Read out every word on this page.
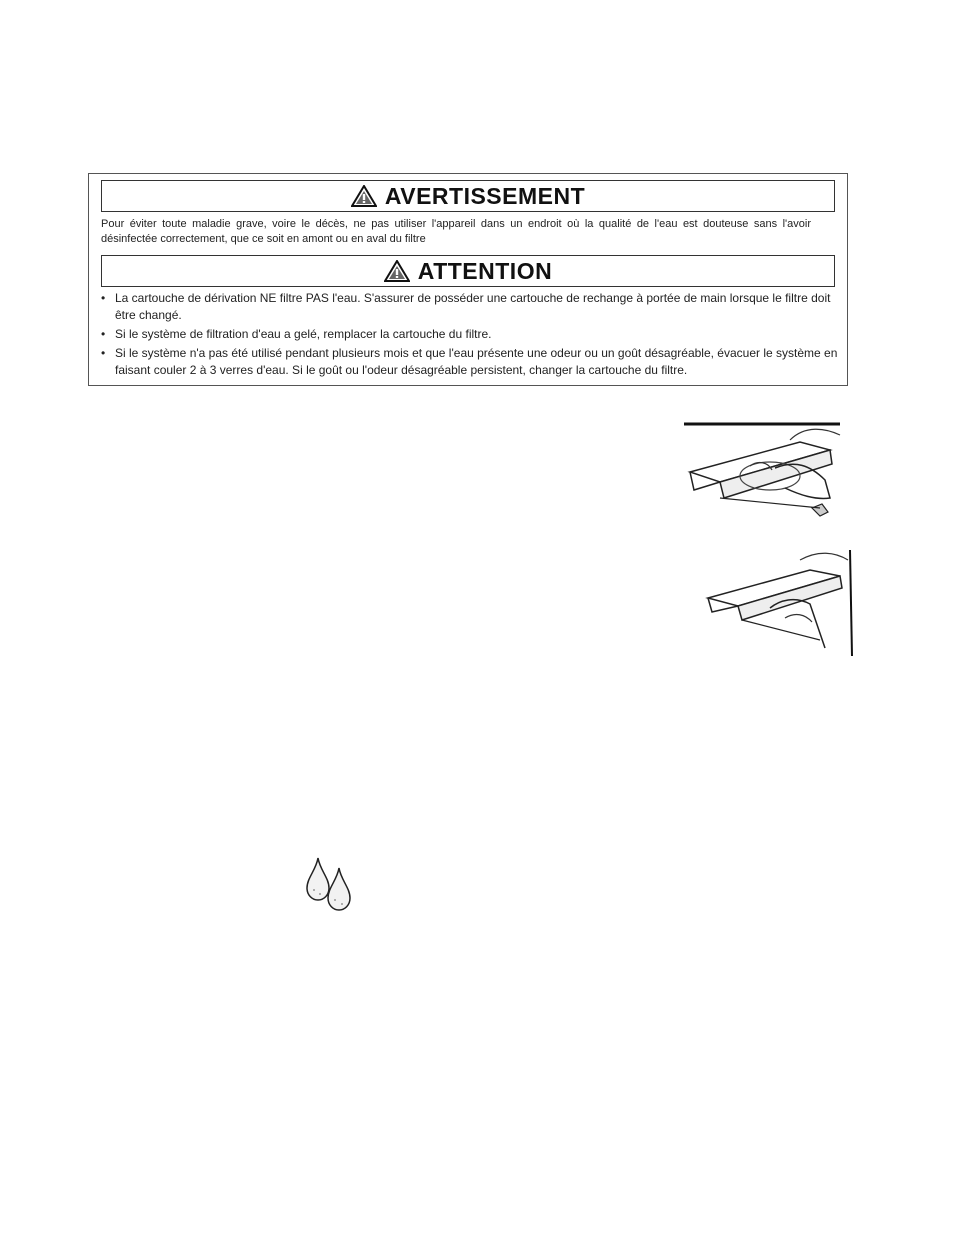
AVERTISSEMENT

Pour éviter toute maladie grave, voire le décès, ne pas utiliser l'appareil dans un endroit où la qualité de l'eau est douteuse sans l'avoir désinfectée correctement, que ce soit en amont ou en aval du filtre

ATTENTION
• La cartouche de dérivation NE filtre PAS l'eau. S'assurer de posséder une cartouche de rechange à portée de main lorsque le filtre doit être changé.
• Si le système de filtration d'eau a gelé, remplacer la cartouche du filtre.
• Si le système n'a pas été utilisé pendant plusieurs mois et que l'eau présente une odeur ou un goût désagréable, évacuer le système en faisant couler 2 à 3 verres d'eau. Si le goût ou l'odeur désagréable persistent, changer la cartouche du filtre.
